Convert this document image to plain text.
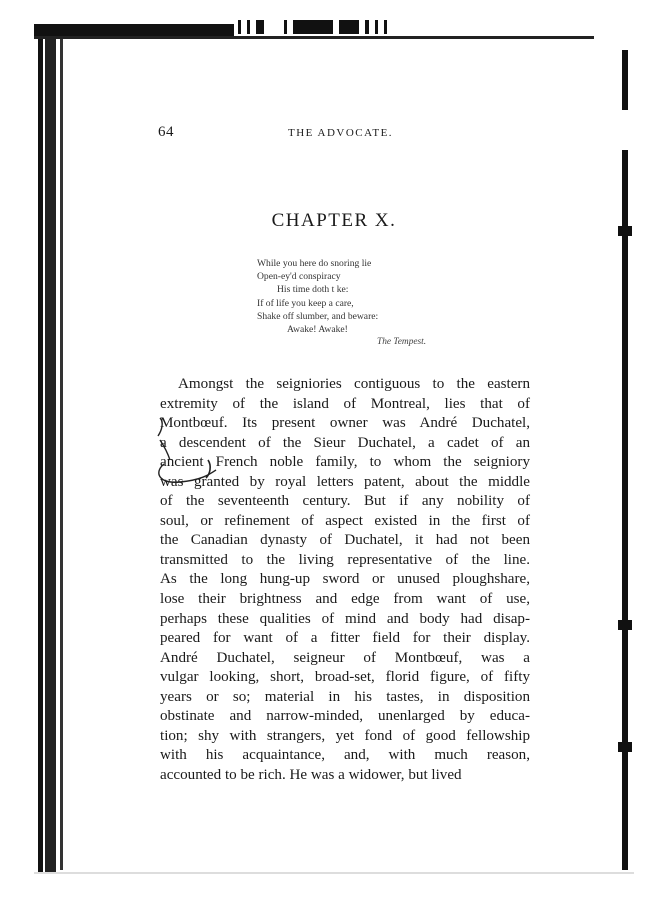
64	THE ADVOCATE.
CHAPTER X.
While you here do snoring lie
Open-ey'd conspiracy
His time doth t ke:
If of life you keep a care,
Shake off slumber, and beware:
Awake! Awake!
The Tempest.
Amongst the seigniories contiguous to the eastern
extremity of the island of Montreal, lies that of
Montbœuf. Its present owner was André Duchatel,
a descendent of the Sieur Duchatel, a cadet of an
ancient French noble family, to whom the seigniory
was granted by royal letters patent, about the middle
of the seventeenth century. But if any nobility of
soul, or refinement of aspect existed in the first of
the Canadian dynasty of Duchatel, it had not been
transmitted to the living representative of the line.
As the long hung-up sword or unused ploughshare,
lose their brightness and edge from want of use,
perhaps these qualities of mind and body had disap-
peared for want of a fitter field for their display.
André Duchatel, seigneur of Montbœuf, was a
vulgar looking, short, broad-set, florid figure, of fifty
years or so; material in his tastes, in disposition
obstinate and narrow-minded, unenlarged by educa-
tion; shy with strangers, yet fond of good fellowship
with his acquaintance, and, with much reason,
accounted to be rich. He was a widower, but lived
